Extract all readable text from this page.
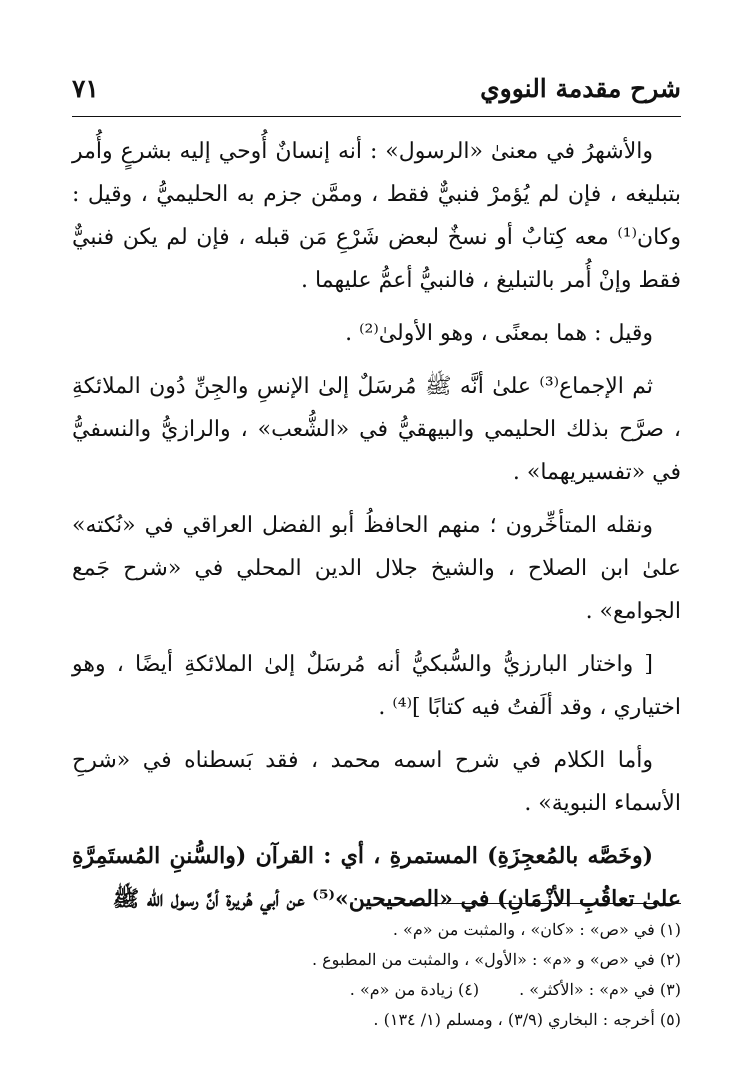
شرح مقدمة النووي
٧١

والأشهرُ في معنىٰ «الرسول» : أنه إنسانٌ أُوحي إليه بشرعٍ وأُمر بتبليغه ، فإن لم يُؤمرْ فنبيٌّ فقط ، وممَّن جزم به الحليميُّ ، وقيل : وكان⁽¹⁾ معه كِتابٌ أو نسخٌ لبعض شَرْعِ مَن قبله ، فإن لم يكن فنبيٌّ فقط وإنْ أُمر بالتبليغ ، فالنبيُّ أعمُّ عليهما .

وقيل : هما بمعنًى ، وهو الأولىٰ⁽²⁾ .

ثم الإجماع⁽³⁾ علىٰ أنَّه ﷺ مُرسَلٌ إلىٰ الإنسِ والجِنِّ دُون الملائكةِ ، صرَّح بذلك الحليمي والبيهقيُّ في «الشُّعب» ، والرازيُّ والنسفيُّ في «تفسيريهما» .

ونقله المتأخِّرون ؛ منهم الحافظُ أبو الفضل العراقي في «نُكته» علىٰ ابن الصلاح ، والشيخ جلال الدين المحلي في «شرح جَمع الجوامع» .

[ واختار البارزيُّ والسُّبكيُّ أنه مُرسَلٌ إلىٰ الملائكةِ أيضًا ، وهو اختياري ، وقد ألَفتُ فيه كتابًا ]⁽⁴⁾ .

وأما الكلام في شرح اسمه محمد ، فقد بَسطناه في «شرحِ الأسماء النبوية» .

(وخَصَّه بالمُعجِزَةِ) المستمرةِ ، أي : القرآن (والسُّننِ المُستَمِرَّةِ علىٰ تعاقُبِ الأزْمَانِ) في «الصحيحين»⁽⁵⁾ عن أبي هُريرة أنَّ رسول اللّٰه ﷺ

(١) في «ص» : «كان» ، والمثبت من «م» .
(٢) في «ص» و «م» : «الأول» ، والمثبت من المطبوع .
(٣) في «م» : «الأكثر» .
(٤) زيادة من «م» .
(٥) أخرجه : البخاري (٣/٩) ، ومسلم (١/ ١٣٤) .
